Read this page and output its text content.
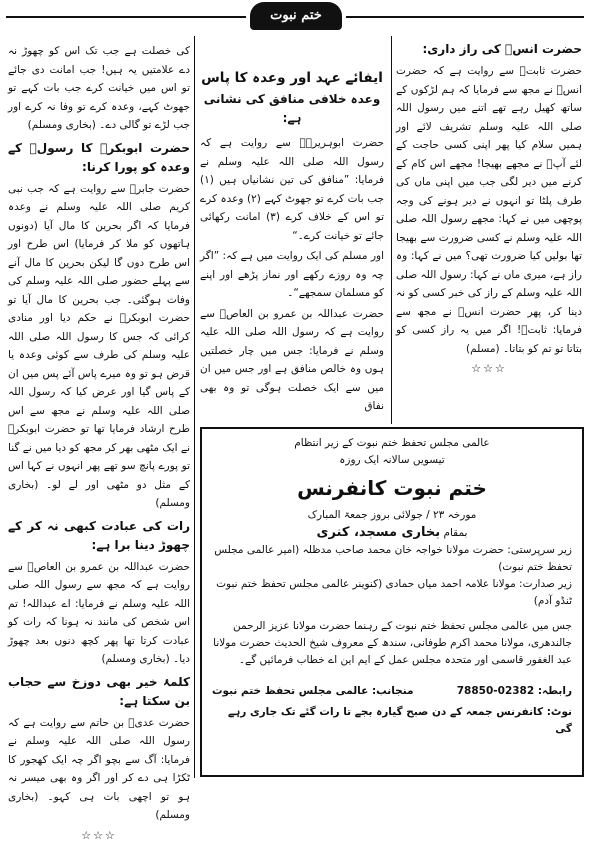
ختم نبوت
حضرت انسؓ کی راز داری:

حضرت ثابتؓ سے روایت ہے کہ حضرت انسؓ نے مجھ سے فرمایا کہ ہم لڑکوں کے ساتھ کھیل رہے تھے اتنے میں رسول اللہ صلی اللہ علیہ وسلم تشریف لائے اور ہمیں سلام کیا پھر اپنی کسی حاجت کے لئے آپؐ نے مجھے بھیجا! مجھے اس کام کے کرنے میں دیر لگی جب میں اپنی ماں کی طرف پلٹا تو انہوں نے دیر ہونے کی وجہ پوچھی میں نے کہا: مجھے رسول اللہ صلی اللہ علیہ وسلم نے کسی ضرورت سے بھیجا تھا بولیں کیا ضرورت تھی؟ میں نے کہا: وہ راز ہے، میری ماں نے کہا: رسول اللہ صلی اللہ علیہ وسلم کے راز کی خبر کسی کو نہ دینا کر، پھر حضرت انسؓ نے مجھ سے فرمایا: ثابتؓ! اگر میں یہ راز کسی کو بتاتا تو تم کو بتاتا۔ (مسلم)

☆☆☆
ایفائے عہد اور وعدہ کا پاس
وعدہ خلافی منافق کی نشانی ہے:

حضرت ابوہریرہؓ سے روایت ہے کہ رسول اللہ صلی اللہ علیہ وسلم نے فرمایا: ”منافق کی تین نشانیاں ہیں (۱) جب بات کرے تو جھوٹ کہے (۲) وعدہ کرے تو اس کے خلاف کرے (۳) امانت رکھائی جائے تو خیانت کرے۔“

اور مسلم کی ایک روایت میں ہے کہ: ”اگر چہ وہ روزے رکھے اور نماز پڑھے اور اپنے کو مسلمان سمجھے“۔

حضرت عبداللہ بن عمرو بن العاصؓ سے روایت ہے کہ رسول اللہ صلی اللہ علیہ وسلم نے فرمایا: جس میں چار خصلتیں ہوں وہ خالص منافق ہے اور جس میں ان میں سے ایک خصلت ہوگی تو وہ بھی نفاق

کی خصلت ہے جب تک اس کو چھوڑ نہ دے علامتیں یہ ہیں! جب امانت دی جائے تو اس میں خیانت کرے جب بات کہے تو جھوٹ کہے، وعدہ کرے تو وفا نہ کرے اور جب لڑے تو گالی دے۔ (بخاری ومسلم)

حضرت ابوبکرؓ کا رسولؐ کے وعدہ کو پورا کرنا:

حضرت جابرؓ سے روایت ہے کہ جب نبی کریم صلی اللہ علیہ وسلم نے وعدہ فرمایا کہ اگر بحرین کا مال آیا (دونوں ہاتھوں کو ملا کر فرمایا) اس طرح اور اس طرح دوں گا لیکن بحرین کا مال آنے سے پہلے حضور صلی اللہ علیہ وسلم کی وفات ہوگئی۔ جب بحرین کا مال آیا تو حضرت ابوبکرؓ نے حکم دیا اور منادی کرائی کہ جس کا رسول اللہ صلی اللہ علیہ وسلم کی طرف سے کوئی وعدہ یا قرض ہو تو وہ میرے پاس آئے پس میں ان کے پاس گیا اور عرض کیا کہ رسول اللہ صلی اللہ علیہ وسلم نے مجھ سے اس طرح ارشاد فرمایا تھا تو حضرت ابوبکرؓ نے ایک مٹھی بھر کر مجھ کو دیا میں نے گنا تو پورے پانچ سو تھے پھر انہوں نے کہا اس کے مثل دو مٹھی اور لے لو۔ (بخاری ومسلم)

رات کی عبادت کبھی نہ کر کے چھوڑ دینا برا ہے:

حضرت عبداللہ بن عمرو بن العاصؓ سے روایت ہے کہ مجھ سے رسول اللہ صلی اللہ علیہ وسلم نے فرمایا: اے عبداللہ! تم اس شخص کی مانند نہ ہونا کہ رات کو عبادت کرتا تھا پھر کچھ دنوں بعد چھوڑ دیا۔ (بخاری ومسلم)

کلمۂ خیر بھی دوزخ سے حجاب بن سکتا ہے:

حضرت عدیؓ بن حاتم سے روایت ہے کہ رسول اللہ صلی اللہ علیہ وسلم نے فرمایا: آگ سے بچو اگر چہ ایک کھجور کا ٹکڑا ہی دے کر اور اگر وہ بھی میسر نہ ہو تو اچھی بات ہی کہو۔ (بخاری ومسلم)

☆☆☆

عالمی مجلس تحفظ ختم نبوت کے زیر انتظام

تیسویں سالانہ ایک روزہ

ختم نبوت کانفرنس

مورخہ ۲۳ / جولائی بروز جمعۃ المبارک

بمقام بخاری مسجد، کنری

زیر سرپرستی: حضرت مولانا خواجہ خان محمد صاحب مدظلہ (امیر عالمی مجلس تحفظ ختم نبوت)

زیر صدارت: مولانا علامہ احمد میاں حمادی (کنوینر عالمی مجلس تحفظ ختم نبوت ٹنڈو آدم)

جس میں عالمی مجلس تحفظ ختم نبوت کے رہنما حضرت مولانا عزیز الرحمن جالندھری، مولانا محمد اکرم طوفانی، سندھ کے معروف شیخ الحدیث حضرت مولانا عبد الغفور قاسمی اور متحدہ مجلس عمل کے ایم این اے خطاب فرمائیں گے۔

رابطہ: 02382-78850
منجانب: عالمی مجلس تحفظ ختم نبوت

نوٹ: کانفرنس جمعہ کے دن صبح گیارہ بجے تا رات گئے تک جاری رہے گی
